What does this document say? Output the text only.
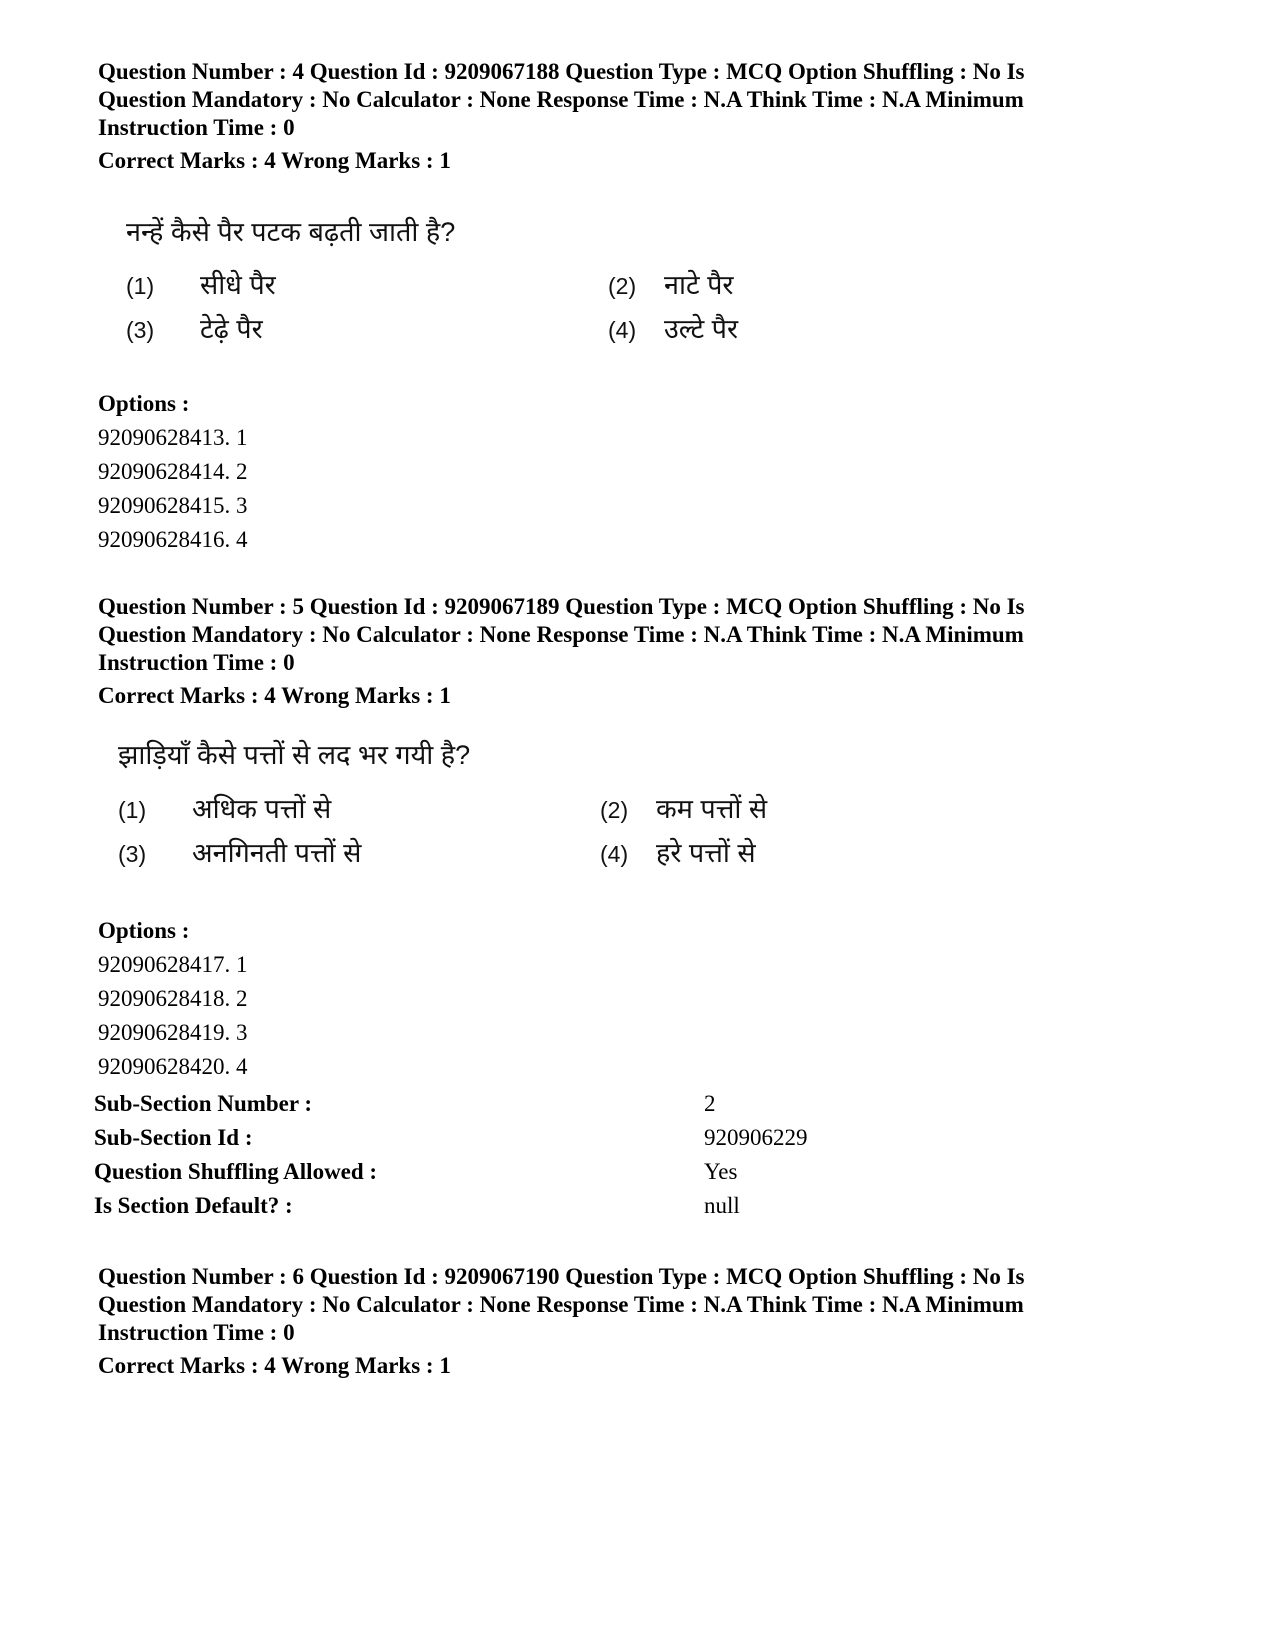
Question Number : 4 Question Id : 9209067188 Question Type : MCQ Option Shuffling : No Is
Question Mandatory : No Calculator : None Response Time : N.A Think Time : N.A Minimum
Instruction Time : 0
Correct Marks : 4 Wrong Marks : 1
नन्हें कैसे पैर पटक बढ़ती जाती है?
(1) सीधे पैर	(2) नाटे पैर
(3) टेढ़े पैर	(4) उल्टे पैर
Options :
92090628413. 1
92090628414. 2
92090628415. 3
92090628416. 4
Question Number : 5 Question Id : 9209067189 Question Type : MCQ Option Shuffling : No Is
Question Mandatory : No Calculator : None Response Time : N.A Think Time : N.A Minimum
Instruction Time : 0
Correct Marks : 4 Wrong Marks : 1
झाड़ियाँ कैसे पत्तों से लद भर गयी है?
(1) अधिक पत्तों से	(2) कम पत्तों से
(3) अनगिनती पत्तों से	(4) हरे पत्तों से
Options :
92090628417. 1
92090628418. 2
92090628419. 3
92090628420. 4
Sub-Section Number :	2
Sub-Section Id :	920906229
Question Shuffling Allowed :	Yes
Is Section Default? :	null
Question Number : 6 Question Id : 9209067190 Question Type : MCQ Option Shuffling : No Is
Question Mandatory : No Calculator : None Response Time : N.A Think Time : N.A Minimum
Instruction Time : 0
Correct Marks : 4 Wrong Marks : 1
